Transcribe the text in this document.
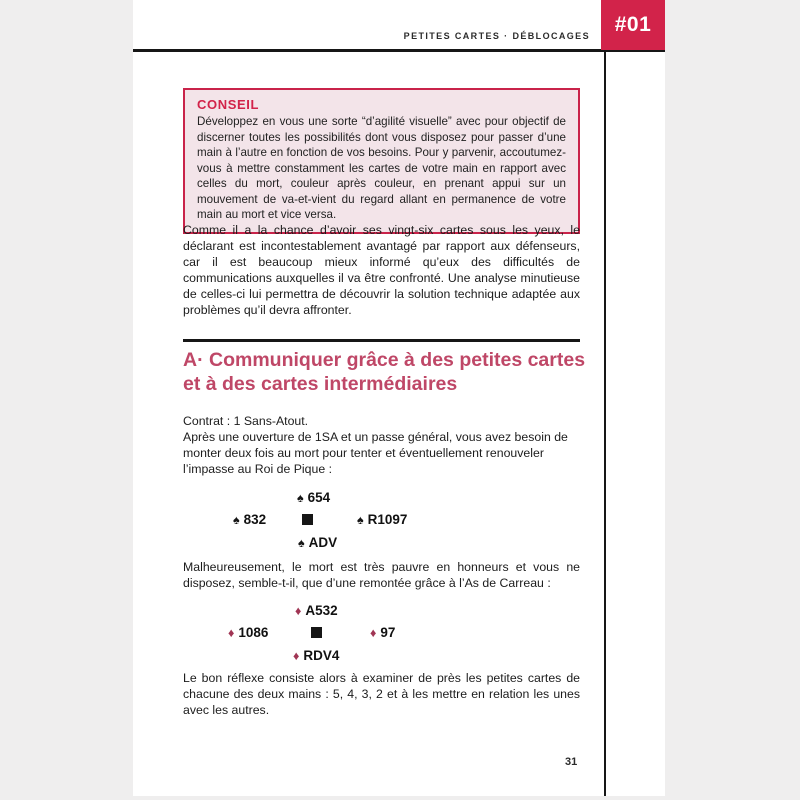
PETITES CARTES · DÉBLOCAGES #01
CONSEIL
Développez en vous une sorte “d’agilité visuelle” avec pour objectif de discerner toutes les possibilités dont vous disposez pour passer d’une main à l’autre en fonction de vos besoins. Pour y parvenir, accoutumez-vous à mettre constamment les cartes de votre main en rapport avec celles du mort, couleur après couleur, en prenant appui sur un mouvement de va-et-vient du regard allant en permanence de votre main au mort et vice versa.
Comme il a la chance d’avoir ses vingt-six cartes sous les yeux, le déclarant est incontestablement avantagé par rapport aux défenseurs, car il est beaucoup mieux informé qu’eux des difficultés de communications auxquelles il va être confronté. Une analyse minutieuse de celles-ci lui permettra de découvrir la solution technique adaptée aux problèmes qu’il devra affronter.
A· Communiquer grâce à des petites cartes et à des cartes intermédiaires
Contrat : 1 Sans-Atout.
Après une ouverture de 1SA et un passe général, vous avez besoin de monter deux fois au mort pour tenter et éventuellement renouveler l’impasse au Roi de Pique :
♠ 654
♠ 832	♠ R1097
♠ ADV
Malheureusement, le mort est très pauvre en honneurs et vous ne disposez, semble-t-il, que d’une remontée grâce à l’As de Carreau :
♦ A532
♦ 1086	♦ 97
♦ RDV4
Le bon réflexe consiste alors à examiner de près les petites cartes de chacune des deux mains : 5, 4, 3, 2 et à les mettre en relation les unes avec les autres.
31
